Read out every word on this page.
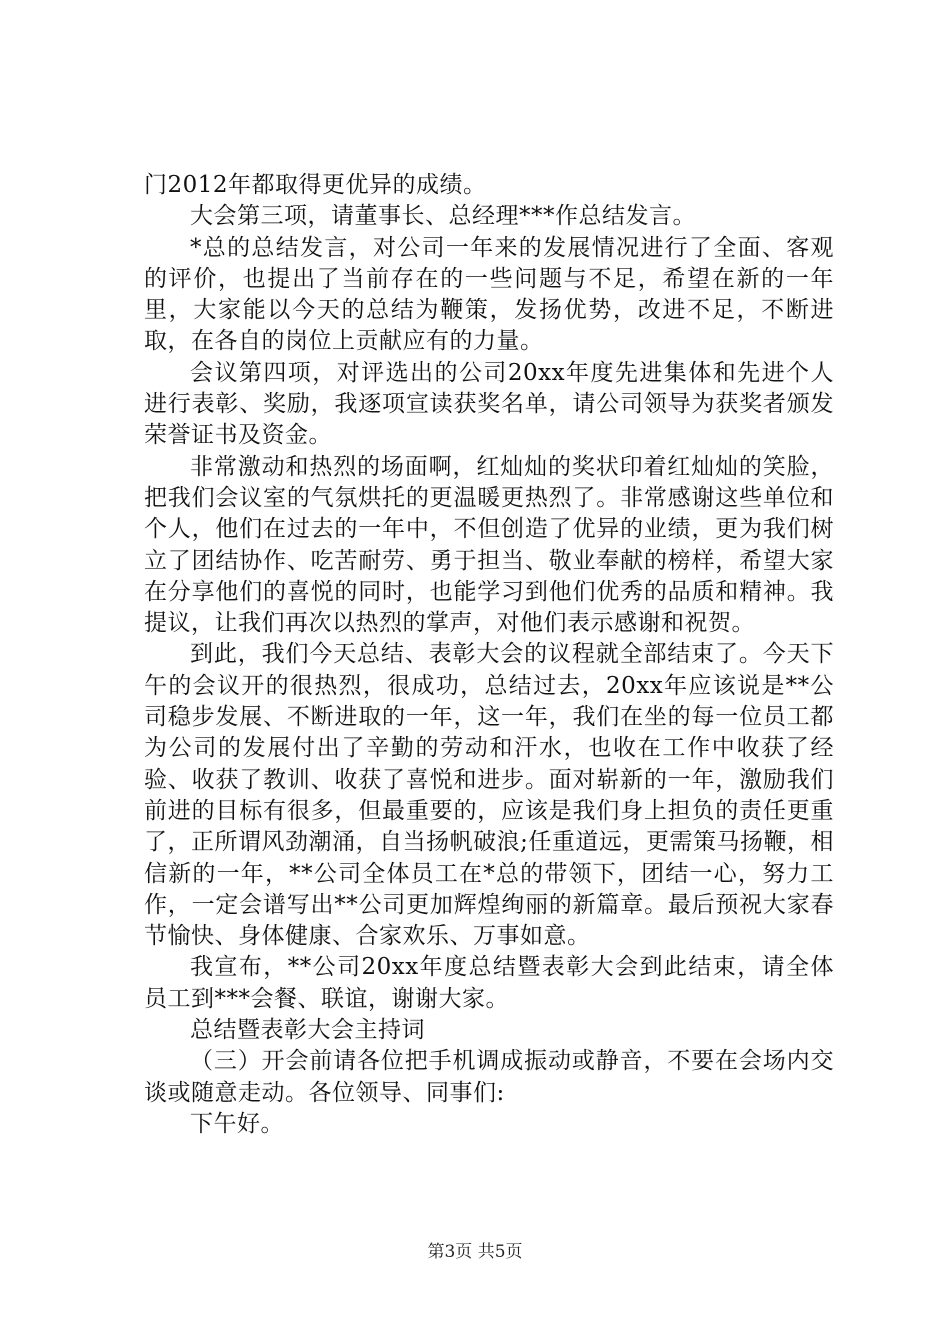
门2012年都取得更优异的成绩。

大会第三项，请董事长、总经理***作总结发言。

*总的总结发言，对公司一年来的发展情况进行了全面、客观的评价，也提出了当前存在的一些问题与不足，希望在新的一年里，大家能以今天的总结为鞭策，发扬优势，改进不足，不断进取，在各自的岗位上贡献应有的力量。

会议第四项，对评选出的公司20xx年度先进集体和先进个人进行表彰、奖励，我逐项宣读获奖名单，请公司领导为获奖者颁发荣誉证书及资金。

非常激动和热烈的场面啊，红灿灿的奖状印着红灿灿的笑脸，把我们会议室的气氛烘托的更温暖更热烈了。非常感谢这些单位和个人，他们在过去的一年中，不但创造了优异的业绩，更为我们树立了团结协作、吃苦耐劳、勇于担当、敬业奉献的榜样，希望大家在分享他们的喜悦的同时，也能学习到他们优秀的品质和精神。我提议，让我们再次以热烈的掌声，对他们表示感谢和祝贺。

到此，我们今天总结、表彰大会的议程就全部结束了。今天下午的会议开的很热烈，很成功，总结过去，20xx年应该说是**公司稳步发展、不断进取的一年，这一年，我们在坐的每一位员工都为公司的发展付出了辛勤的劳动和汗水，也收在工作中收获了经验、收获了教训、收获了喜悦和进步。面对崭新的一年，激励我们前进的目标有很多，但最重要的，应该是我们身上担负的责任更重了，正所谓风劲潮涌，自当扬帆破浪;任重道远，更需策马扬鞭，相信新的一年，**公司全体员工在*总的带领下，团结一心，努力工作，一定会谱写出**公司更加辉煌绚丽的新篇章。最后预祝大家春节愉快、身体健康、合家欢乐、万事如意。

我宣布，**公司20xx年度总结暨表彰大会到此结束，请全体员工到***会餐、联谊，谢谢大家。

总结暨表彰大会主持词

（三）开会前请各位把手机调成振动或静音，不要在会场内交谈或随意走动。各位领导、同事们:

下午好。

第3页 共5页
